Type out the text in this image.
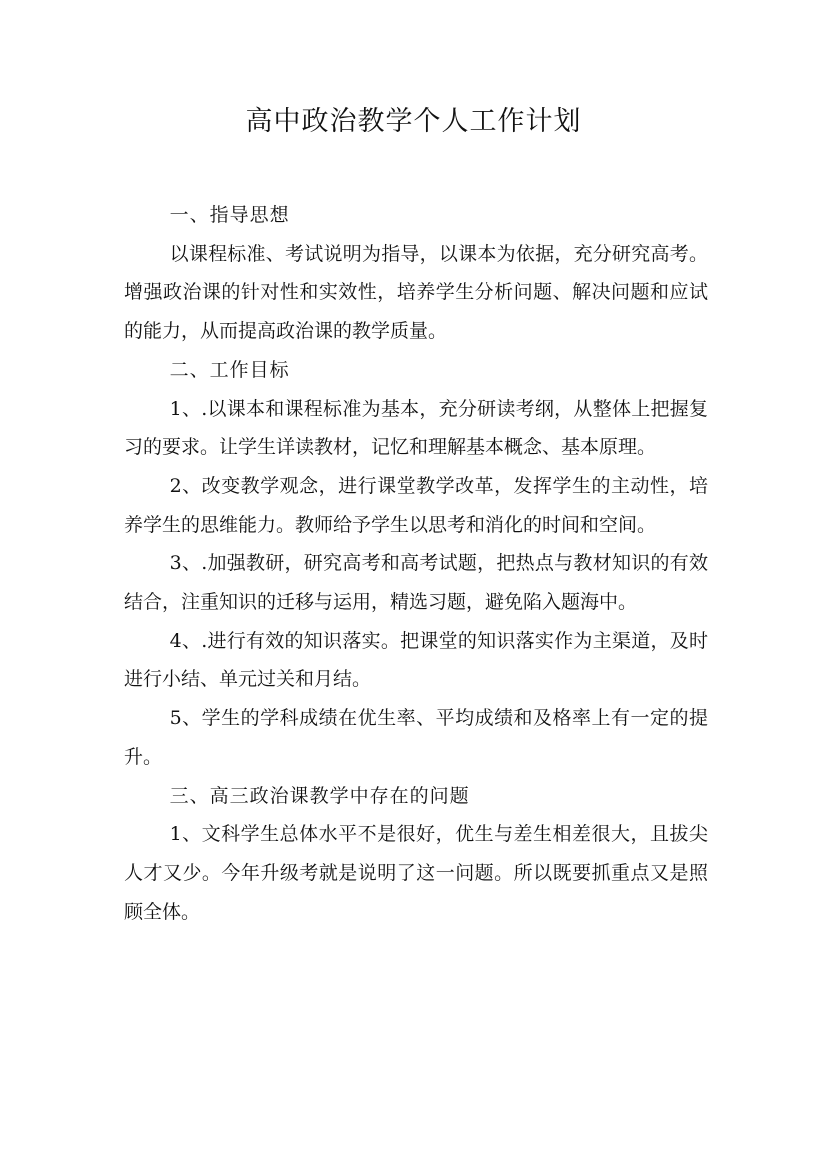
高中政治教学个人工作计划

一、指导思想

以课程标准、考试说明为指导，以课本为依据，充分研究高考。增强政治课的针对性和实效性，培养学生分析问题、解决问题和应试的能力，从而提高政治课的教学质量。

二、工作目标

1、.以课本和课程标准为基本，充分研读考纲，从整体上把握复习的要求。让学生详读教材，记忆和理解基本概念、基本原理。

2、改变教学观念，进行课堂教学改革，发挥学生的主动性，培养学生的思维能力。教师给予学生以思考和消化的时间和空间。

3、.加强教研，研究高考和高考试题，把热点与教材知识的有效结合，注重知识的迁移与运用，精选习题，避免陷入题海中。

4、.进行有效的知识落实。把课堂的知识落实作为主渠道，及时进行小结、单元过关和月结。

5、学生的学科成绩在优生率、平均成绩和及格率上有一定的提升。

三、高三政治课教学中存在的问题

1、文科学生总体水平不是很好，优生与差生相差很大，且拔尖人才又少。今年升级考就是说明了这一问题。所以既要抓重点又是照顾全体。
